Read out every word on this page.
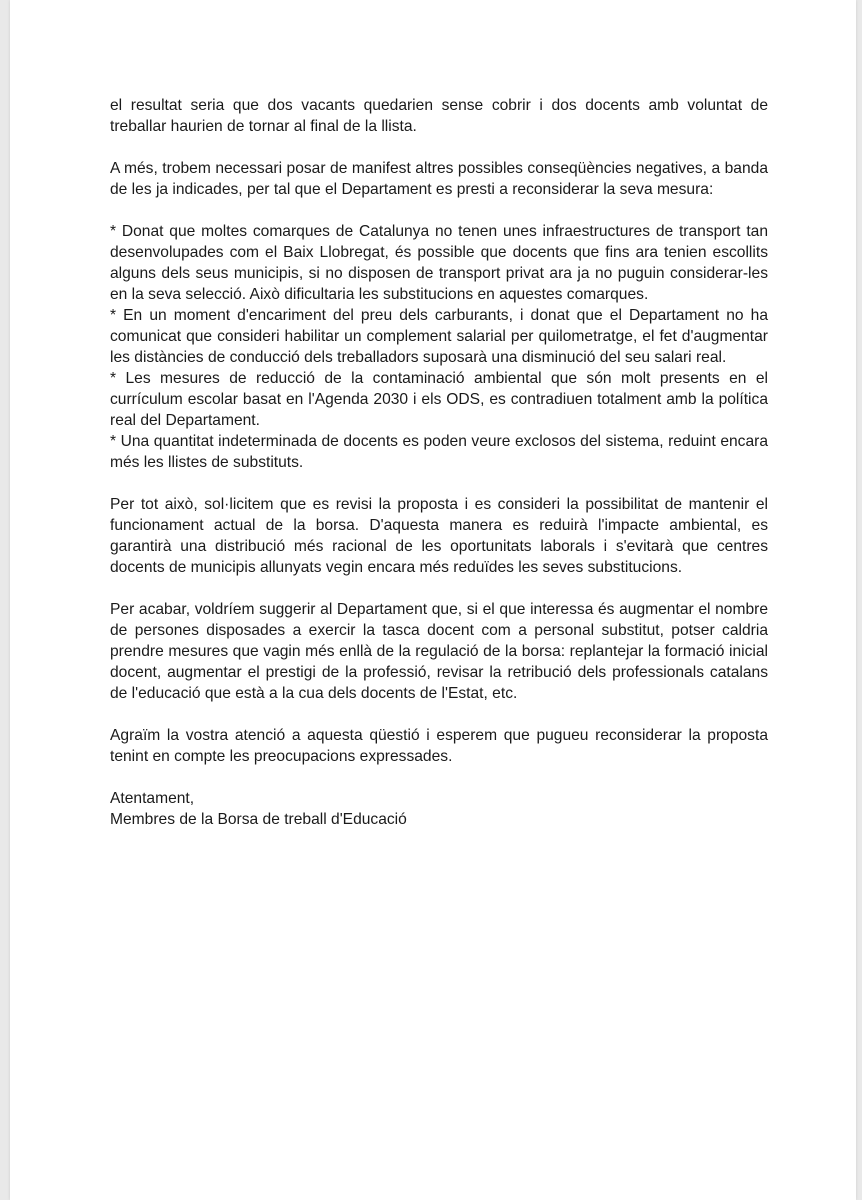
el resultat seria que dos vacants quedarien sense cobrir i dos docents amb voluntat de treballar haurien de tornar al final de la llista.

A més, trobem necessari posar de manifest altres possibles conseqüències negatives, a banda de les ja indicades, per tal que el Departament es presti a reconsiderar la seva mesura:

* Donat que moltes comarques de Catalunya no tenen unes infraestructures de transport tan desenvolupades com el Baix Llobregat, és possible que docents que fins ara tenien escollits alguns dels seus municipis, si no disposen de transport privat ara ja no puguin considerar-les en la seva selecció. Això dificultaria les substitucions en aquestes comarques.

* En un moment d'encariment del preu dels carburants, i donat que el Departament no ha comunicat que consideri habilitar un complement salarial per quilometratge, el fet d'augmentar les distàncies de conducció dels treballadors suposarà una disminució del seu salari real.

* Les mesures de reducció de la contaminació ambiental que són molt presents en el currículum escolar basat en l'Agenda 2030 i els ODS, es contradiuen totalment amb la política real del Departament.

* Una quantitat indeterminada de docents es poden veure exclosos del sistema, reduint encara més les llistes de substituts.

Per tot això, sol·licitem que es revisi la proposta i es consideri la possibilitat de mantenir el funcionament actual de la borsa. D'aquesta manera es reduirà l'impacte ambiental, es garantirà una distribució més racional de les oportunitats laborals i s'evitarà que centres docents de municipis allunyats vegin encara més reduïdes les seves substitucions.

Per acabar, voldríem suggerir al Departament que, si el que interessa és augmentar el nombre de persones disposades a exercir la tasca docent com a personal substitut, potser caldria prendre mesures que vagin més enllà de la regulació de la borsa: replantejar la formació inicial docent, augmentar el prestigi de la professió, revisar la retribució dels professionals catalans de l'educació que està a la cua dels docents de l'Estat, etc.

Agraïm la vostra atenció a aquesta qüestió i esperem que pugueu reconsiderar la proposta tenint en compte les preocupacions expressades.

Atentament,

Membres de la Borsa de treball d'Educació
